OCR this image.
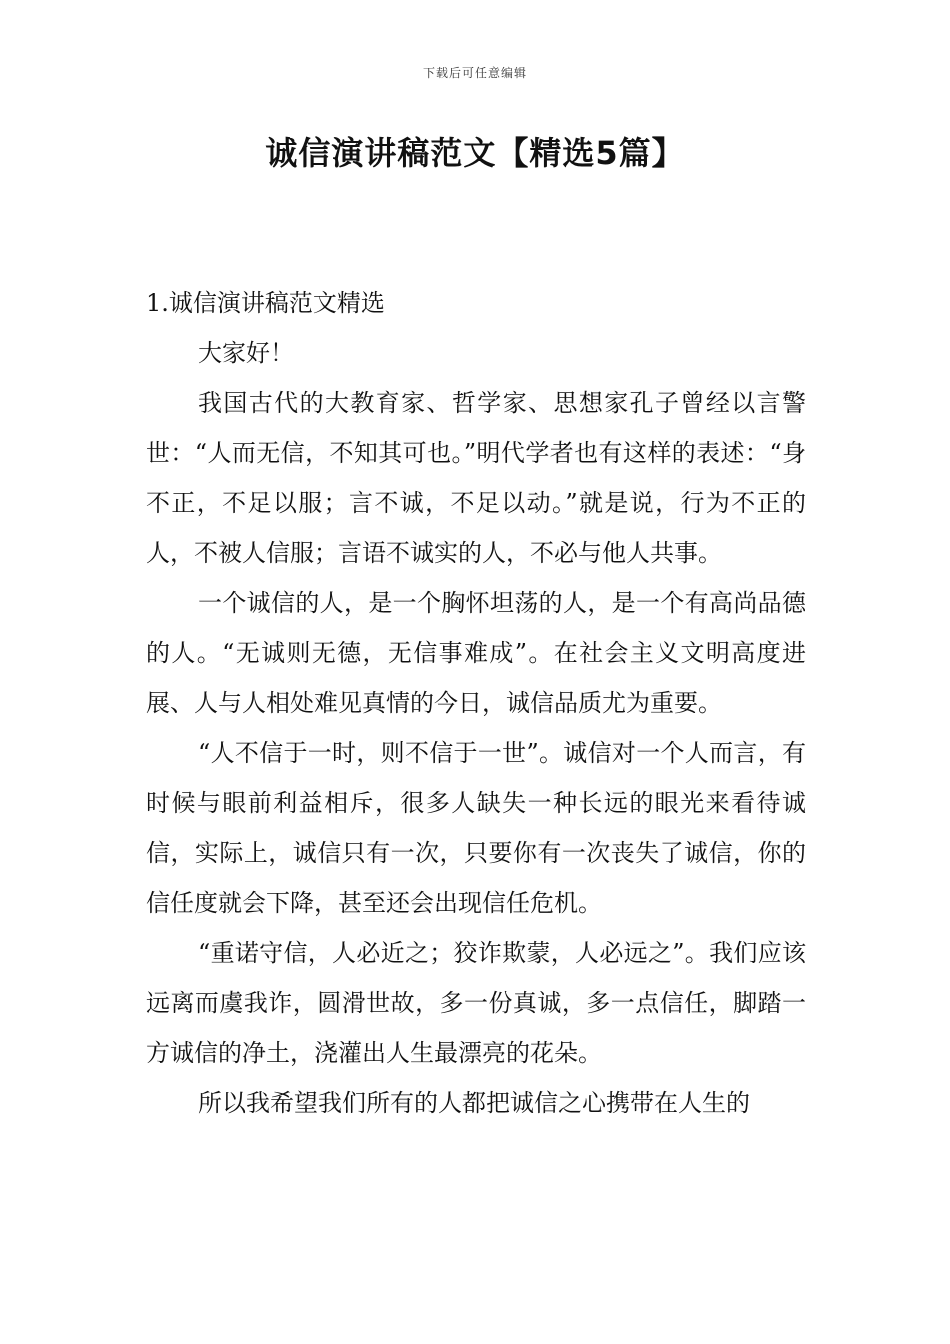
下载后可任意编辑
诚信演讲稿范文【精选5篇】
1.诚信演讲稿范文精选

大家好！

我国古代的大教育家、哲学家、思想家孔子曾经以言警世：“人而无信，不知其可也。”明代学者也有这样的表述：“身不正，不足以服；言不诚，不足以动。”就是说，行为不正的人，不被人信服；言语不诚实的人，不必与他人共事。

一个诚信的人，是一个胸怀坦荡的人，是一个有高尚品德的人。“无诚则无德，无信事难成”。在社会主义文明高度进展、人与人相处难见真情的今日，诚信品质尤为重要。

“人不信于一时，则不信于一世”。诚信对一个人而言，有时候与眼前利益相斥，很多人缺失一种长远的眼光来看待诚信，实际上，诚信只有一次，只要你有一次丧失了诚信，你的信任度就会下降，甚至还会出现信任危机。

“重诺守信，人必近之；狡诈欺蒙，人必远之”。我们应该远离而虞我诈，圆滑世故，多一份真诚，多一点信任，脚踏一方诚信的净土，浇灌出人生最漂亮的花朵。

所以我希望我们所有的人都把诚信之心携带在人生的
